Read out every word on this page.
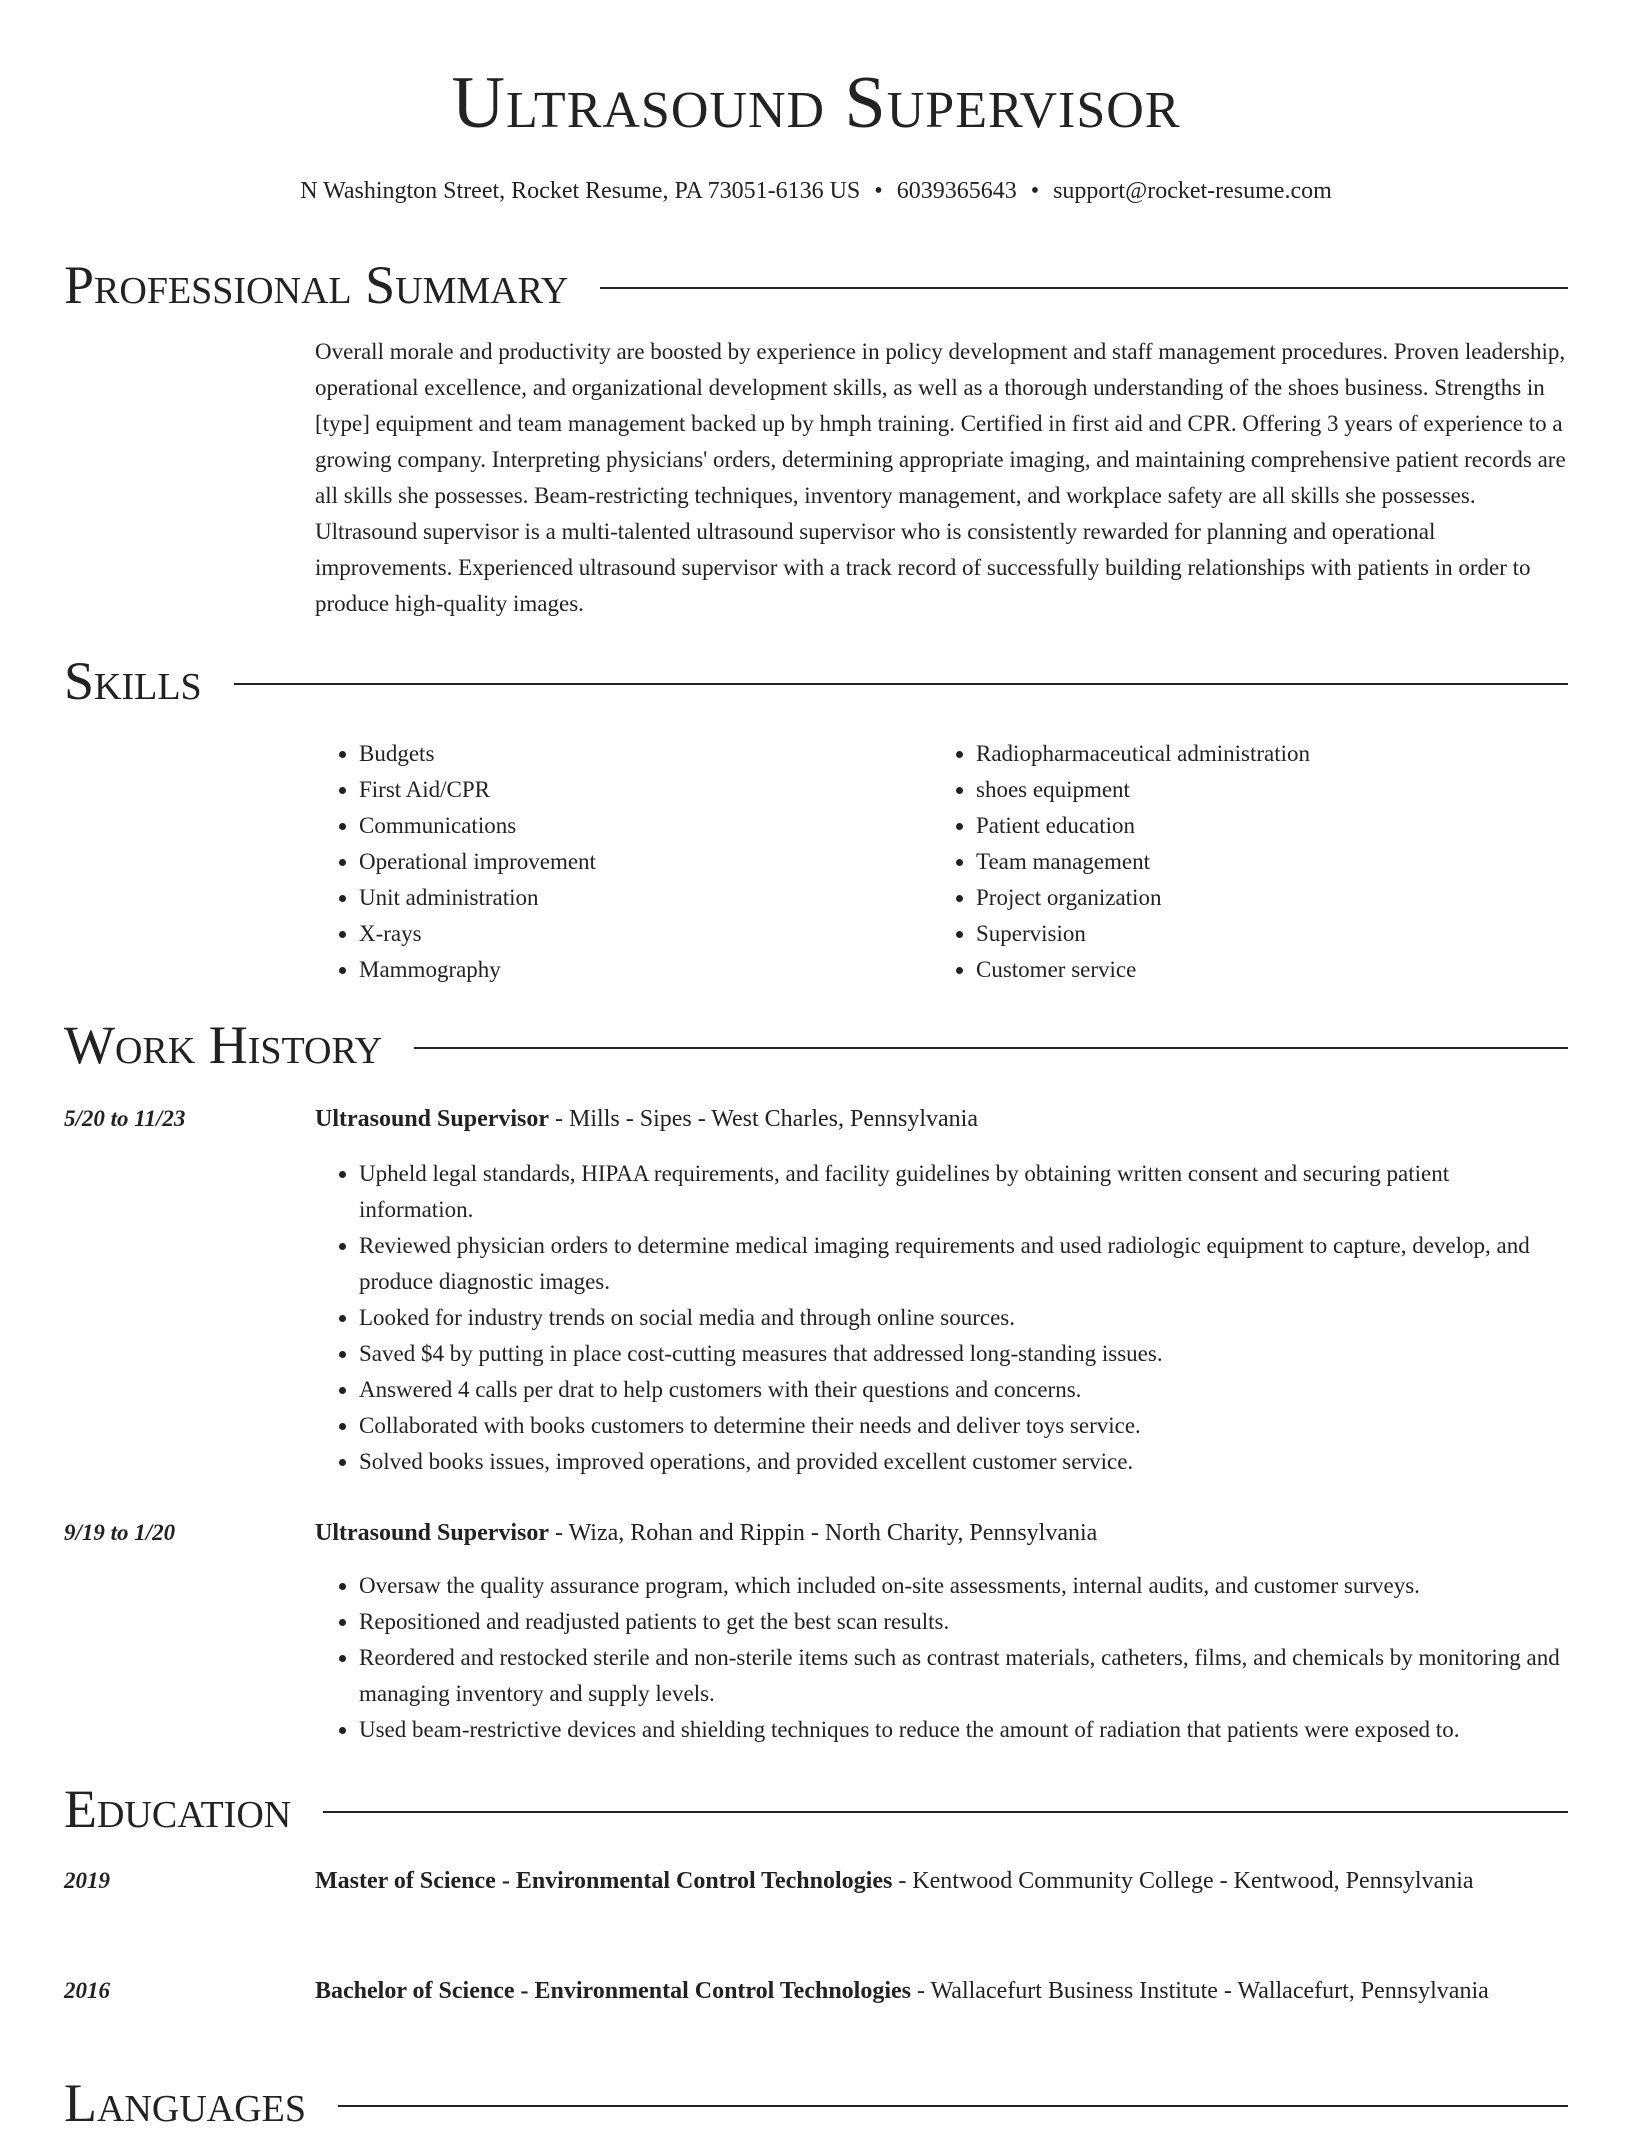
Ultrasound Supervisor
N Washington Street, Rocket Resume, PA 73051-6136 US • 6039365643 • support@rocket-resume.com
Professional Summary
Overall morale and productivity are boosted by experience in policy development and staff management procedures. Proven leadership, operational excellence, and organizational development skills, as well as a thorough understanding of the shoes business. Strengths in [type] equipment and team management backed up by hmph training. Certified in first aid and CPR. Offering 3 years of experience to a growing company. Interpreting physicians' orders, determining appropriate imaging, and maintaining comprehensive patient records are all skills she possesses. Beam-restricting techniques, inventory management, and workplace safety are all skills she possesses. Ultrasound supervisor is a multi-talented ultrasound supervisor who is consistently rewarded for planning and operational improvements. Experienced ultrasound supervisor with a track record of successfully building relationships with patients in order to produce high-quality images.
Skills
• Budgets
• First Aid/CPR
• Communications
• Operational improvement
• Unit administration
• X-rays
• Mammography
• Radiopharmaceutical administration
• shoes equipment
• Patient education
• Team management
• Project organization
• Supervision
• Customer service
Work History
5/20 to 11/23	Ultrasound Supervisor - Mills - Sipes - West Charles, Pennsylvania
• Upheld legal standards, HIPAA requirements, and facility guidelines by obtaining written consent and securing patient information.
• Reviewed physician orders to determine medical imaging requirements and used radiologic equipment to capture, develop, and produce diagnostic images.
• Looked for industry trends on social media and through online sources.
• Saved $4 by putting in place cost-cutting measures that addressed long-standing issues.
• Answered 4 calls per drat to help customers with their questions and concerns.
• Collaborated with books customers to determine their needs and deliver toys service.
• Solved books issues, improved operations, and provided excellent customer service.
9/19 to 1/20	Ultrasound Supervisor - Wiza, Rohan and Rippin - North Charity, Pennsylvania
• Oversaw the quality assurance program, which included on-site assessments, internal audits, and customer surveys.
• Repositioned and readjusted patients to get the best scan results.
• Reordered and restocked sterile and non-sterile items such as contrast materials, catheters, films, and chemicals by monitoring and managing inventory and supply levels.
• Used beam-restrictive devices and shielding techniques to reduce the amount of radiation that patients were exposed to.
Education
2019	Master of Science - Environmental Control Technologies - Kentwood Community College - Kentwood, Pennsylvania
2016	Bachelor of Science - Environmental Control Technologies - Wallacefurt Business Institute - Wallacefurt, Pennsylvania
Languages
